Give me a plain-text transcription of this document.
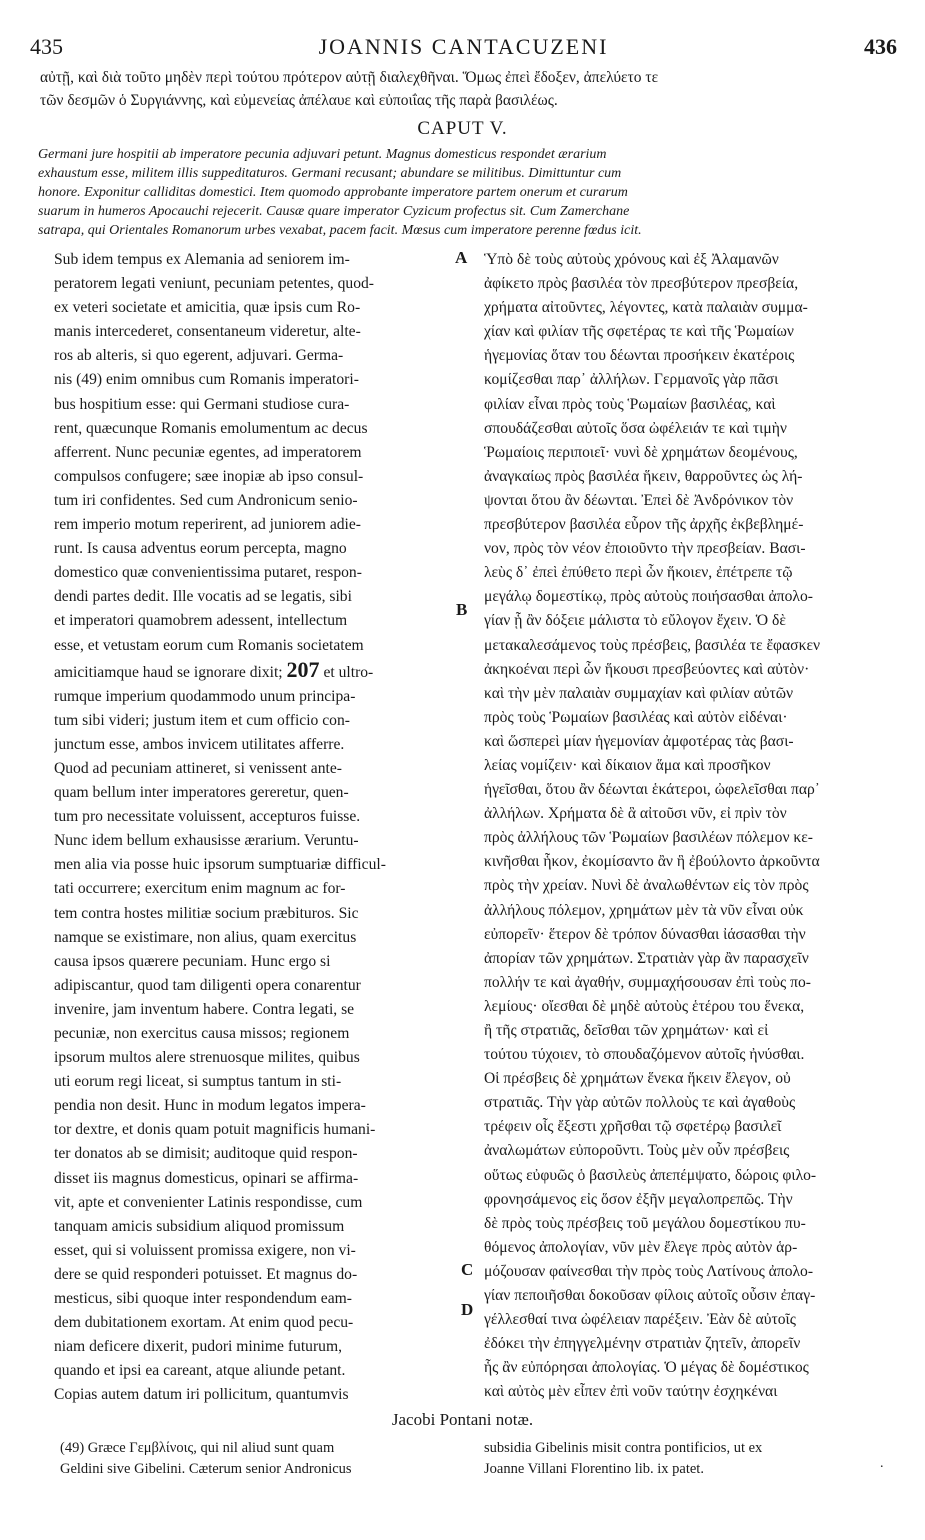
435	JOANNIS CANTACUZENI	436
αὐτῇ, καὶ διὰ τοῦτο μηδὲν περὶ τούτου πρότερον αὐτῇ διαλεχθῆναι. Ὅμως ἐπεὶ ἔδοξεν, ἀπελύετο τε
τῶν δεσμῶν ὁ Συργιάννης, καὶ εὐμενείας ἀπέλαυε καὶ εὐποιΐας τῆς παρὰ βασιλέως.
CAPUT V.
Germani jure hospitii ab imperatore pecunia adjuvari petunt. Magnus domesticus respondet ærarium
exhaustum esse, militem illis suppeditaturos. Germani recusant; abundare se militibus. Dimittuntur cum
honore. Exponitur calliditas domestici. Item quomodo approbante imperatore partem onerum et curarum
suarum in humeros Apocauchi rejecerit. Causæ quare imperator Cyzicum profectus sit. Cum Zamerchane
satrapa, qui Orientales Romanorum urbes vexabat, pacem facit. Mœsus cum imperatore perenne fœdus icit.
Sub idem tempus ex Alemania ad seniorem im-
peratorem legati veniunt, pecuniam petentes, quod-
ex veteri societate et amicitia, quæ ipsis cum Ro-
manis intercederet, consentaneum videretur, alte-
ros ab alteris, si quo egerent, adjuvari. Germa-
nis (49) enim omnibus cum Romanis imperatori-
bus hospitium esse: qui Germani studiose cura-
rent, quæcunque Romanis emolumentum ac decus
afferrent. Nunc pecuniæ egentes, ad imperatorem
compulsos confugere; sæe inopiæ ab ipso consul-
tum iri confidentes. Sed cum Andronicum senio-
rem imperio motum reperirent, ad juniorem adie-
runt. Is causa adventus eorum percepta, magno
domestico quæ convenientissima putaret, respon-
dendi partes dedit. Ille vocatis ad se legatis, sibi
et imperatori quamobrem adessent, intellectum
esse, et vetustam eorum cum Romanis societatem
amicitiamque haud se ignorare dixit; 207 et ultro-
rumque imperium quodammodo unum principa-
tum sibi videri; justum item et cum officio con-
junctum esse, ambos invicem utilitates afferre.
Quod ad pecuniam attineret, si venissent ante-
quam bellum inter imperatores gereretur, quen-
tum pro necessitate voluissent, accepturos fuisse.
Nunc idem bellum exhausisse ærarium. Veruntu-
men alia via posse huic ipsorum sumptuariæ difficul-
tati occurrere; exercitum enim magnum ac for-
tem contra hostes militiæ socium præbituros. Sic
namque se existimare, non alius, quam exercitus
causa ipsos quærere pecuniam. Hunc ergo si
adipiscantur, quod tam diligenti opera conarentur
invenire, jam inventum habere. Contra legati, se
pecuniæ, non exercitus causa missos; regionem
ipsorum multos alere strenuosque milites, quibus
uti eorum regi liceat, si sumptus tantum in sti-
pendia non desit. Hunc in modum legatos impera-
tor dextre, et donis quam potuit magnificis humani-
ter donatos ab se dimisit; auditoque quid respon-
disset iis magnus domesticus, opinari se affirma-
vit, apte et convenienter Latinis respondisse, cum
tanquam amicis subsidium aliquod promissum
esset, qui si voluissent promissa exigere, non vi-
dere se quid responderi potuisset. Et magnus do-
mesticus, sibi quoque inter respondendum eam-
dem dubitationem exortam. At enim quod pecu-
niam deficere dixerit, pudori minime futurum,
quando et ipsi ea careant, atque aliunde petant.
Copias autem datum iri pollicitum, quantumvis
A
B
C
D
Ὑπὸ δὲ τοὺς αὐτοὺς χρόνους καὶ ἐξ Ἀλαμανῶν
ἀφίκετο πρὸς βασιλέα τὸν πρεσβύτερον πρεσβεία,
χρήματα αἰτοῦντες, λέγοντες, κατὰ παλαιὰν συμμα-
χίαν καὶ φιλίαν τῆς σφετέρας τε καὶ τῆς Ῥωμαίων
ἡγεμονίας ὅταν του δέωνται προσήκειν ἑκατέροις
κομίζεσθαι παρ᾽ ἀλλήλων. Γερμανοῖς γὰρ πᾶσι
φιλίαν εἶναι πρὸς τοὺς Ῥωμαίων βασιλέας, καὶ
σπουδάζεσθαι αὐτοῖς ὅσα ὠφέλειάν τε καὶ τιμὴν
Ῥωμαίοις περιποιεῖ· νυνὶ δὲ χρημάτων δεομένους,
ἀναγκαίως πρὸς βασιλέα ἥκειν, θαρροῦντες ὡς λή-
ψονται ὅτου ἂν δέωνται. Ἐπεὶ δὲ Ἀνδρόνικον τὸν
πρεσβύτερον βασιλέα εὗρον τῆς ἀρχῆς ἐκβεβλημέ-
νον, πρὸς τὸν νέον ἐποιοῦντο τὴν πρεσβείαν. Βασι-
λεὺς δ᾽ ἐπεὶ ἐπύθετο περὶ ὧν ἥκοιεν, ἐπέτρεπε τῷ
μεγάλῳ δομεστίκῳ, πρὸς αὐτοὺς ποιήσασθαι ἀπολο-
γίαν ᾗ ἂν δόξειε μάλιστα τὸ εὔλογον ἔχειν. Ὁ δὲ
μετακαλεσάμενος τοὺς πρέσβεις, βασιλέα τε ἔφασκεν
ἀκηκοέναι περὶ ὧν ἥκουσι πρεσβεύοντες καὶ αὐτὸν·
καὶ τὴν μὲν παλαιὰν συμμαχίαν καὶ φιλίαν αὐτῶν
πρὸς τοὺς Ῥωμαίων βασιλέας καὶ αὐτὸν εἰδέναι·
καὶ ὥσπερεὶ μίαν ἡγεμονίαν ἀμφοτέρας τὰς βασι-
λείας νομίζειν· καὶ δίκαιον ἅμα καὶ προσῆκον
ἡγεῖσθαι, ὅτου ἂν δέωνται ἑκάτεροι, ὠφελεῖσθαι παρ᾽
ἀλλήλων. Χρήματα δὲ ἃ αἰτοῦσι νῦν, εἰ πρὶν τὸν
πρὸς ἀλλήλους τῶν Ῥωμαίων βασιλέων πόλεμον κε-
κινῆσθαι ἧκον, ἐκομίσαντο ἂν ἣ ἐβούλοντο ἀρκοῦντα
πρὸς τὴν χρείαν. Νυνὶ δὲ ἀναλωθέντων εἰς τὸν πρὸς
ἀλλήλους πόλεμον, χρημάτων μὲν τὰ νῦν εἶναι οὐκ
εὐπορεῖν· ἕτερον δὲ τρόπον δύνασθαι ἰάσασθαι τὴν
ἀπορίαν τῶν χρημάτων. Στρατιὰν γὰρ ἂν παρασχεῖν
πολλήν τε καὶ ἀγαθήν, συμμαχήσουσαν ἐπὶ τοὺς πο-
λεμίους· οἴεσθαι δὲ μηδὲ αὐτοὺς ἑτέρου του ἕνεκα,
ἢ τῆς στρατιᾶς, δεῖσθαι τῶν χρημάτων· καὶ εἰ
τούτου τύχοιεν, τὸ σπουδαζόμενον αὐτοῖς ἠνύσθαι.
Οἱ πρέσβεις δὲ χρημάτων ἕνεκα ἥκειν ἔλεγον, οὐ
στρατιᾶς. Τὴν γὰρ αὐτῶν πολλοὺς τε καὶ ἀγαθοὺς
τρέφειν οἷς ἔξεστι χρῆσθαι τῷ σφετέρῳ βασιλεῖ
ἀναλωμάτων εὐποροῦντι. Τοὺς μὲν οὖν πρέσβεις
οὕτως εὐφυῶς ὁ βασιλεὺς ἀπεπέμψατο, δώροις φιλο-
φρονησάμενος εἰς ὅσον ἐξῆν μεγαλοπρεπῶς. Τὴν
δὲ πρὸς τοὺς πρέσβεις τοῦ μεγάλου δομεστίκου πυ-
θόμενος ἀπολογίαν, νῦν μὲν ἔλεγε πρὸς αὐτὸν ἁρ-
μόζουσαν φαίνεσθαι τὴν πρὸς τοὺς Λατίνους ἀπολο-
γίαν πεποιῆσθαι δοκοῦσαν φίλοις αὐτοῖς οὖσιν ἐπαγ-
γέλλεσθαί τινα ὠφέλειαν παρέξειν. Ἐὰν δὲ αὐτοῖς
ἐδόκει τὴν ἐπηγγελμένην στρατιὰν ζητεῖν, ἀπορεῖν
ἧς ἂν εὐπόρησαι ἀπολογίας. Ὁ μέγας δὲ δομέστικος
καὶ αὐτὸς μὲν εἶπεν ἐπὶ νοῦν ταύτην ἐσχηκέναι
Jacobi Pontani notæ.
(49) Græce Γεμβλίνοις, qui nil aliud sunt quam
Geldini sive Gibelini. Cæterum senior Andronicus
subsidia Gibelinis misit contra pontificios, ut ex
Joanne Villani Florentino lib. ix patet.	.
